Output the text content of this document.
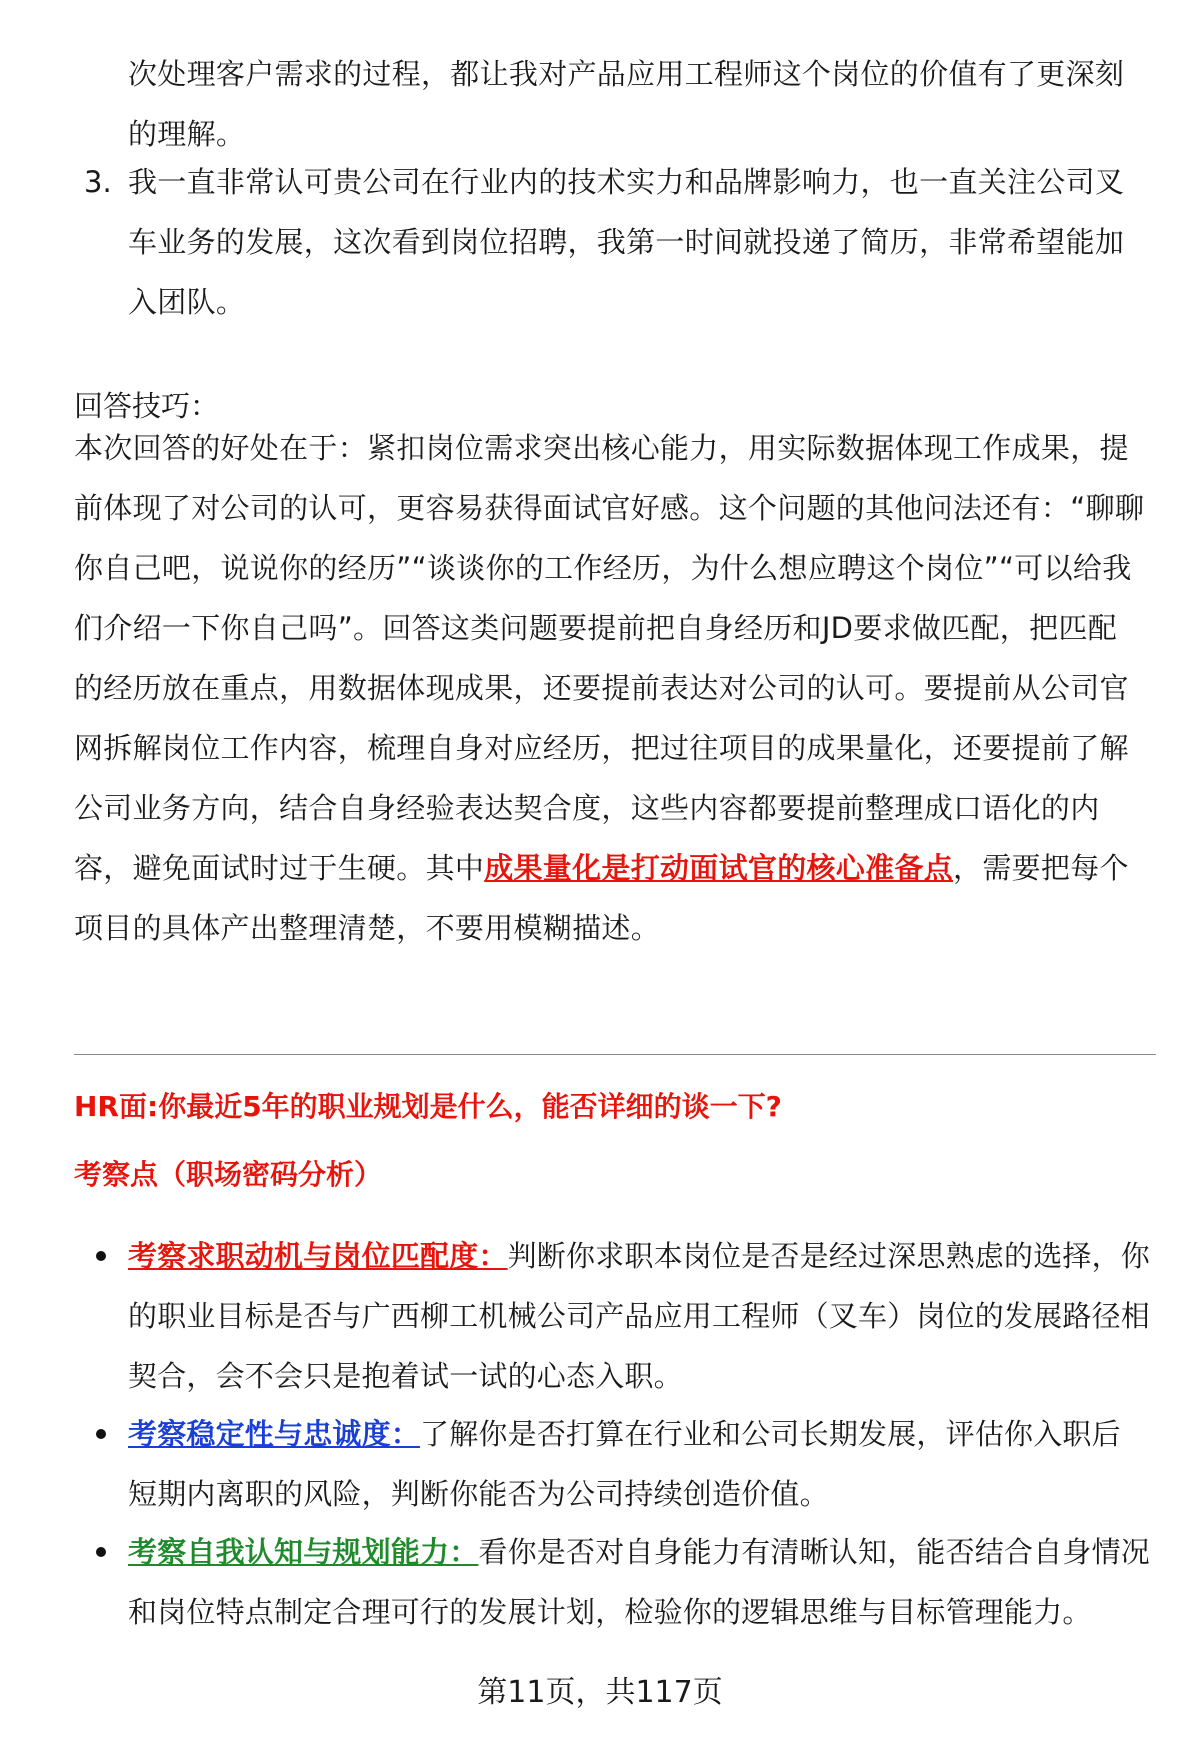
次处理客户需求的过程，都让我对产品应用工程师这个岗位的价值有了更深刻的理解。

3. 我一直非常认可贵公司在行业内的技术实力和品牌影响力，也一直关注公司叉车业务的发展，这次看到岗位招聘，我第一时间就投递了简历，非常希望能加入团队。

回答技巧：

本次回答的好处在于：紧扣岗位需求突出核心能力，用实际数据体现工作成果，提前体现了对公司的认可，更容易获得面试官好感。这个问题的其他问法还有：“聊聊你自己吧，说说你的经历”“谈谈你的工作经历，为什么想应聘这个岗位”“可以给我们介绍一下你自己吗”。回答这类问题要提前把自身经历和JD要求做匹配，把匹配的经历放在重点，用数据体现成果，还要提前表达对公司的认可。要提前从公司官网拆解岗位工作内容，梳理自身对应经历，把过往项目的成果量化，还要提前了解公司业务方向，结合自身经验表达契合度，这些内容都要提前整理成口语化的内容，避免面试时过于生硬。其中成果量化是打动面试官的核心准备点，需要把每个项目的具体产出整理清楚，不要用模糊描述。

HR面:你最近5年的职业规划是什么，能否详细的谈一下?
考察点（职场密码分析）

考察求职动机与岗位匹配度：判断你求职本岗位是否是经过深思熟虑的选择，你的职业目标是否与广西柳工机械公司产品应用工程师（叉车）岗位的发展路径相契合，会不会只是抱着试一试的心态入职。

考察稳定性与忠诚度：了解你是否打算在行业和公司长期发展，评估你入职后短期内离职的风险，判断你能否为公司持续创造价值。

考察自我认知与规划能力：看你是否对自身能力有清晰认知，能否结合自身情况和岗位特点制定合理可行的发展计划，检验你的逻辑思维与目标管理能力。

第11页，共117页
